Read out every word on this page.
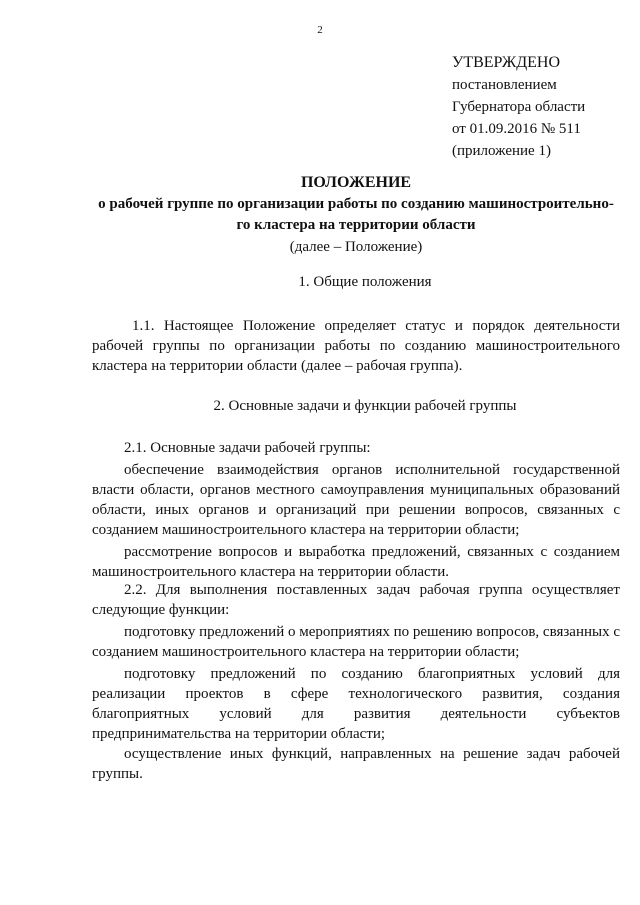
2
УТВЕРЖДЕНО
постановлением
Губернатора области
от 01.09.2016 № 511
(приложение 1)
ПОЛОЖЕНИЕ
о рабочей группе по организации работы по созданию машиностроительно-
го кластера на территории области
(далее – Положение)
1. Общие положения
1.1. Настоящее Положение определяет статус и порядок деятельности рабочей группы по организации работы по созданию машиностроительного кластера на территории области (далее – рабочая группа).
2. Основные задачи и функции рабочей группы
2.1. Основные задачи рабочей группы:
обеспечение взаимодействия органов исполнительной государственной власти области, органов местного самоуправления муниципальных образований области, иных органов и организаций при решении вопросов, связанных с созданием машиностроительного кластера на территории области;
рассмотрение вопросов и выработка предложений, связанных с созданием машиностроительного кластера на территории области.
2.2. Для выполнения поставленных задач рабочая группа осуществляет следующие функции:
подготовку предложений о мероприятиях по решению вопросов, связанных с созданием машиностроительного кластера на территории области;
подготовку предложений по созданию благоприятных условий для реализации проектов в сфере технологического развития, создания благоприятных условий для развития деятельности субъектов предпринимательства на территории области;
осуществление иных функций, направленных на решение задач рабочей группы.
